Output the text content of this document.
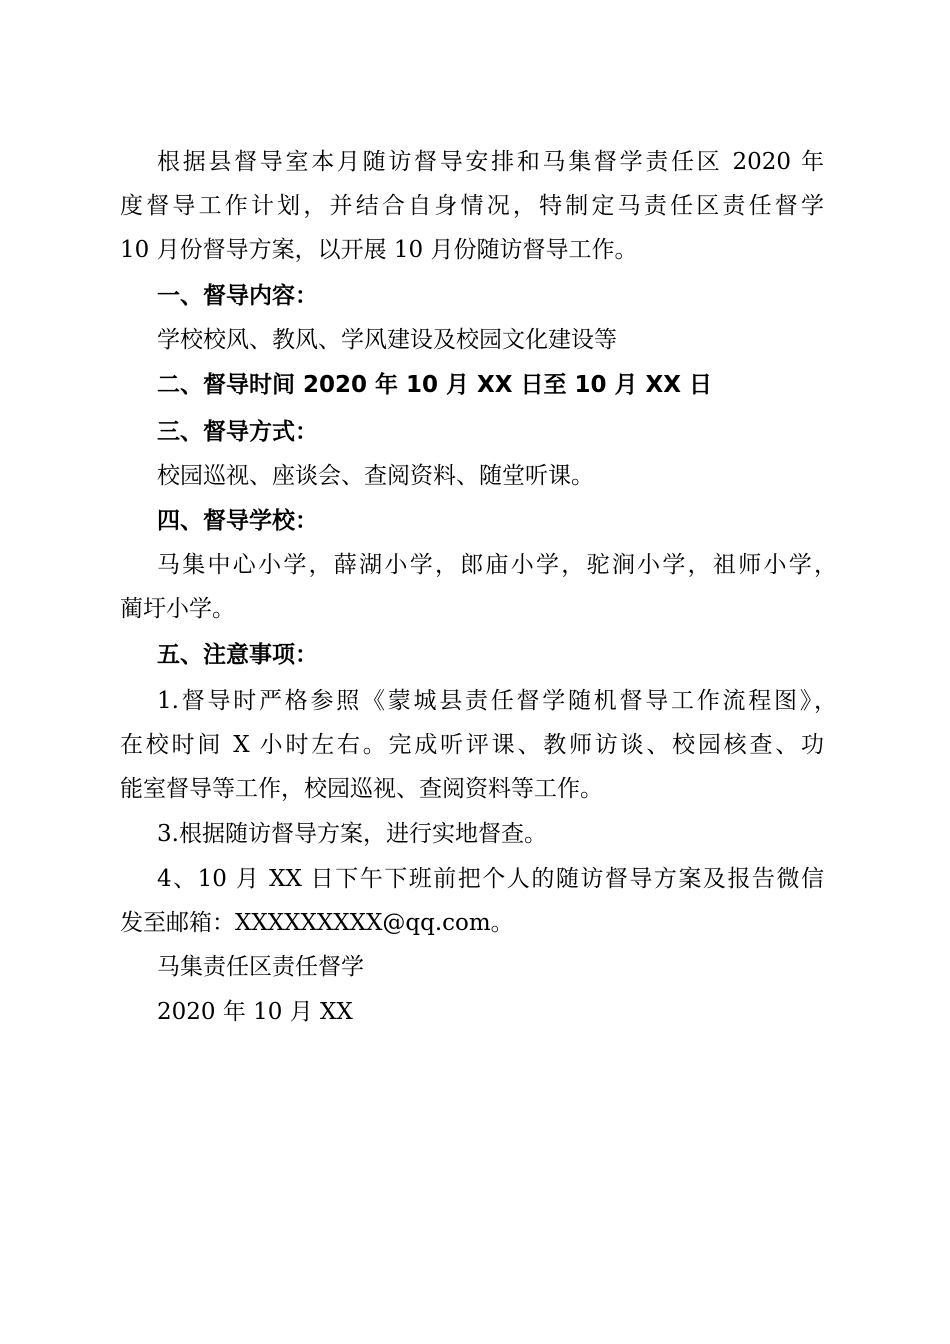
根据县督导室本月随访督导安排和马集督学责任区 2020 年
度督导工作计划，并结合自身情况，特制定马责任区责任督学
10 月份督导方案，以开展 10 月份随访督导工作。
一、督导内容：
学校校风、教风、学风建设及校园文化建设等
二、督导时间 2020 年 10 月 XX 日至 10 月 XX 日
三、督导方式：
校园巡视、座谈会、查阅资料、随堂听课。
四、督导学校：
马集中心小学，薛湖小学，郎庙小学，驼涧小学，祖师小学，
蔺圩小学。
五、注意事项：
1.督导时严格参照《蒙城县责任督学随机督导工作流程图》，
在校时间 X 小时左右。完成听评课、教师访谈、校园核查、功
能室督导等工作，校园巡视、查阅资料等工作。
3.根据随访督导方案，进行实地督查。
4、10 月 XX 日下午下班前把个人的随访督导方案及报告微信
发至邮箱：XXXXXXXXX@qq.com。
马集责任区责任督学
2020 年 10 月 XX
